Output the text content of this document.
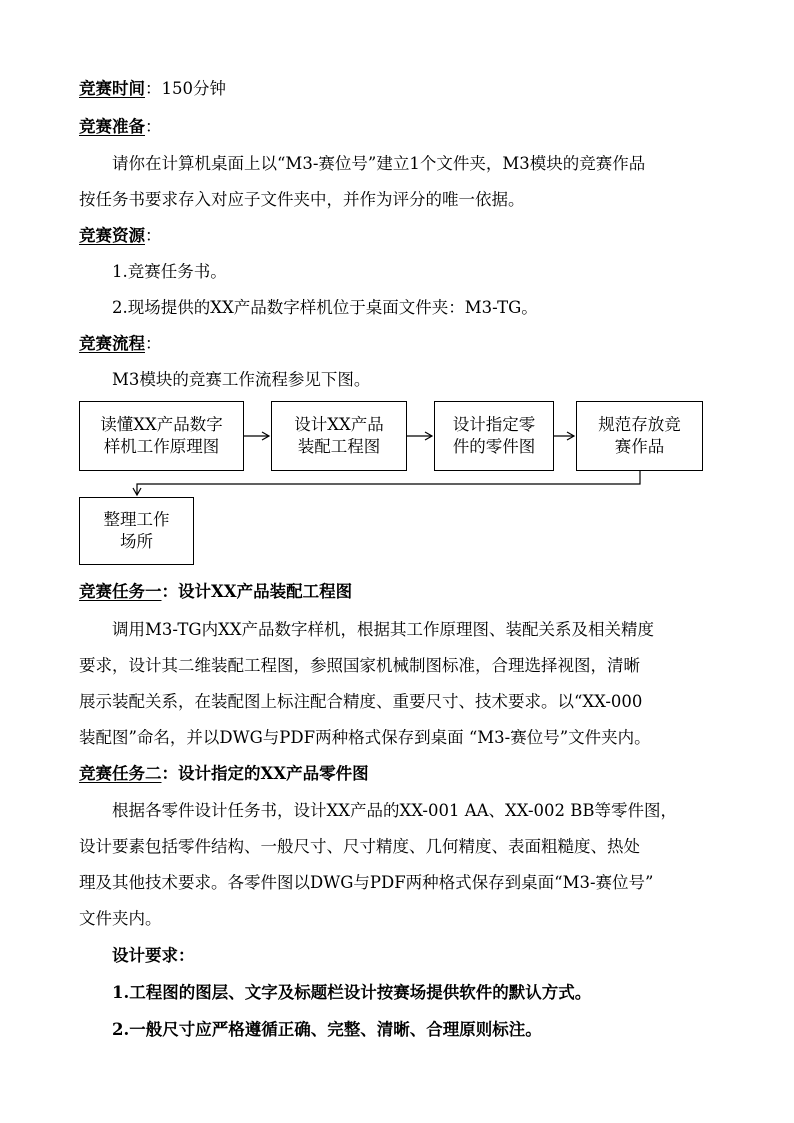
竞赛时间：150分钟
竞赛准备：
请你在计算机桌面上以“M3-赛位号”建立1个文件夹，M3模块的竞赛作品
按任务书要求存入对应子文件夹中，并作为评分的唯一依据。
竞赛资源：
1.竞赛任务书。
2.现场提供的XX产品数字样机位于桌面文件夹：M3-TG。
竞赛流程：
M3模块的竞赛工作流程参见下图。
读懂XX产品数字
样机工作原理图
设计XX产品
装配工程图
设计指定零
件的零件图
规范存放竞
赛作品
整理工作
场所
竞赛任务一：设计XX产品装配工程图
调用M3-TG内XX产品数字样机，根据其工作原理图、装配关系及相关精度
要求，设计其二维装配工程图，参照国家机械制图标准，合理选择视图，清晰
展示装配关系，在装配图上标注配合精度、重要尺寸、技术要求。以“XX-000
装配图”命名，并以DWG与PDF两种格式保存到桌面 “M3-赛位号”文件夹内。
竞赛任务二：设计指定的XX产品零件图
根据各零件设计任务书，设计XX产品的XX-001 AA、XX-002 BB等零件图，
设计要素包括零件结构、一般尺寸、尺寸精度、几何精度、表面粗糙度、热处
理及其他技术要求。各零件图以DWG与PDF两种格式保存到桌面“M3-赛位号”
文件夹内。
设计要求：
1.工程图的图层、文字及标题栏设计按赛场提供软件的默认方式。
2.一般尺寸应严格遵循正确、完整、清晰、合理原则标注。
